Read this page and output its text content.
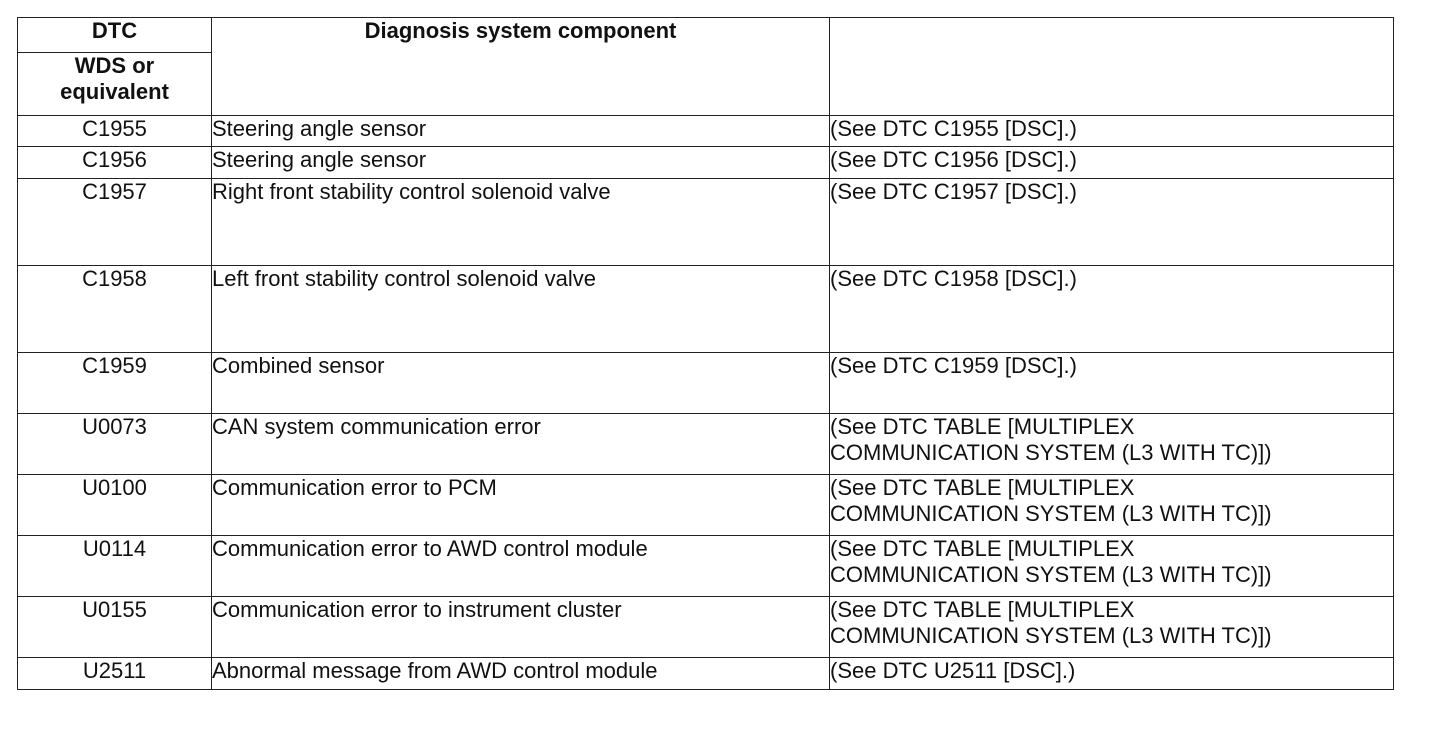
DTC	Diagnosis system component	
WDS or equivalent		
C1955	Steering angle sensor	(See DTC C1955 [DSC].)

C1956	Steering angle sensor	(See DTC C1956 [DSC].)

C1957	Right front stability control solenoid valve	(See DTC C1957 [DSC].)

C1958	Left front stability control solenoid valve	(See DTC C1958 [DSC].)

C1959	Combined sensor	(See DTC C1959 [DSC].)

U0073	CAN system communication error	(See DTC TABLE [MULTIPLEX
COMMUNICATION SYSTEM (L3 WITH TC)])

U0100	Communication error to PCM	(See DTC TABLE [MULTIPLEX
COMMUNICATION SYSTEM (L3 WITH TC)])

U0114	Communication error to AWD control module	(See DTC TABLE [MULTIPLEX
COMMUNICATION SYSTEM (L3 WITH TC)])

U0155	Communication error to instrument cluster	(See DTC TABLE [MULTIPLEX
COMMUNICATION SYSTEM (L3 WITH TC)])

U2511	Abnormal message from AWD control module	(See DTC U2511 [DSC].)
